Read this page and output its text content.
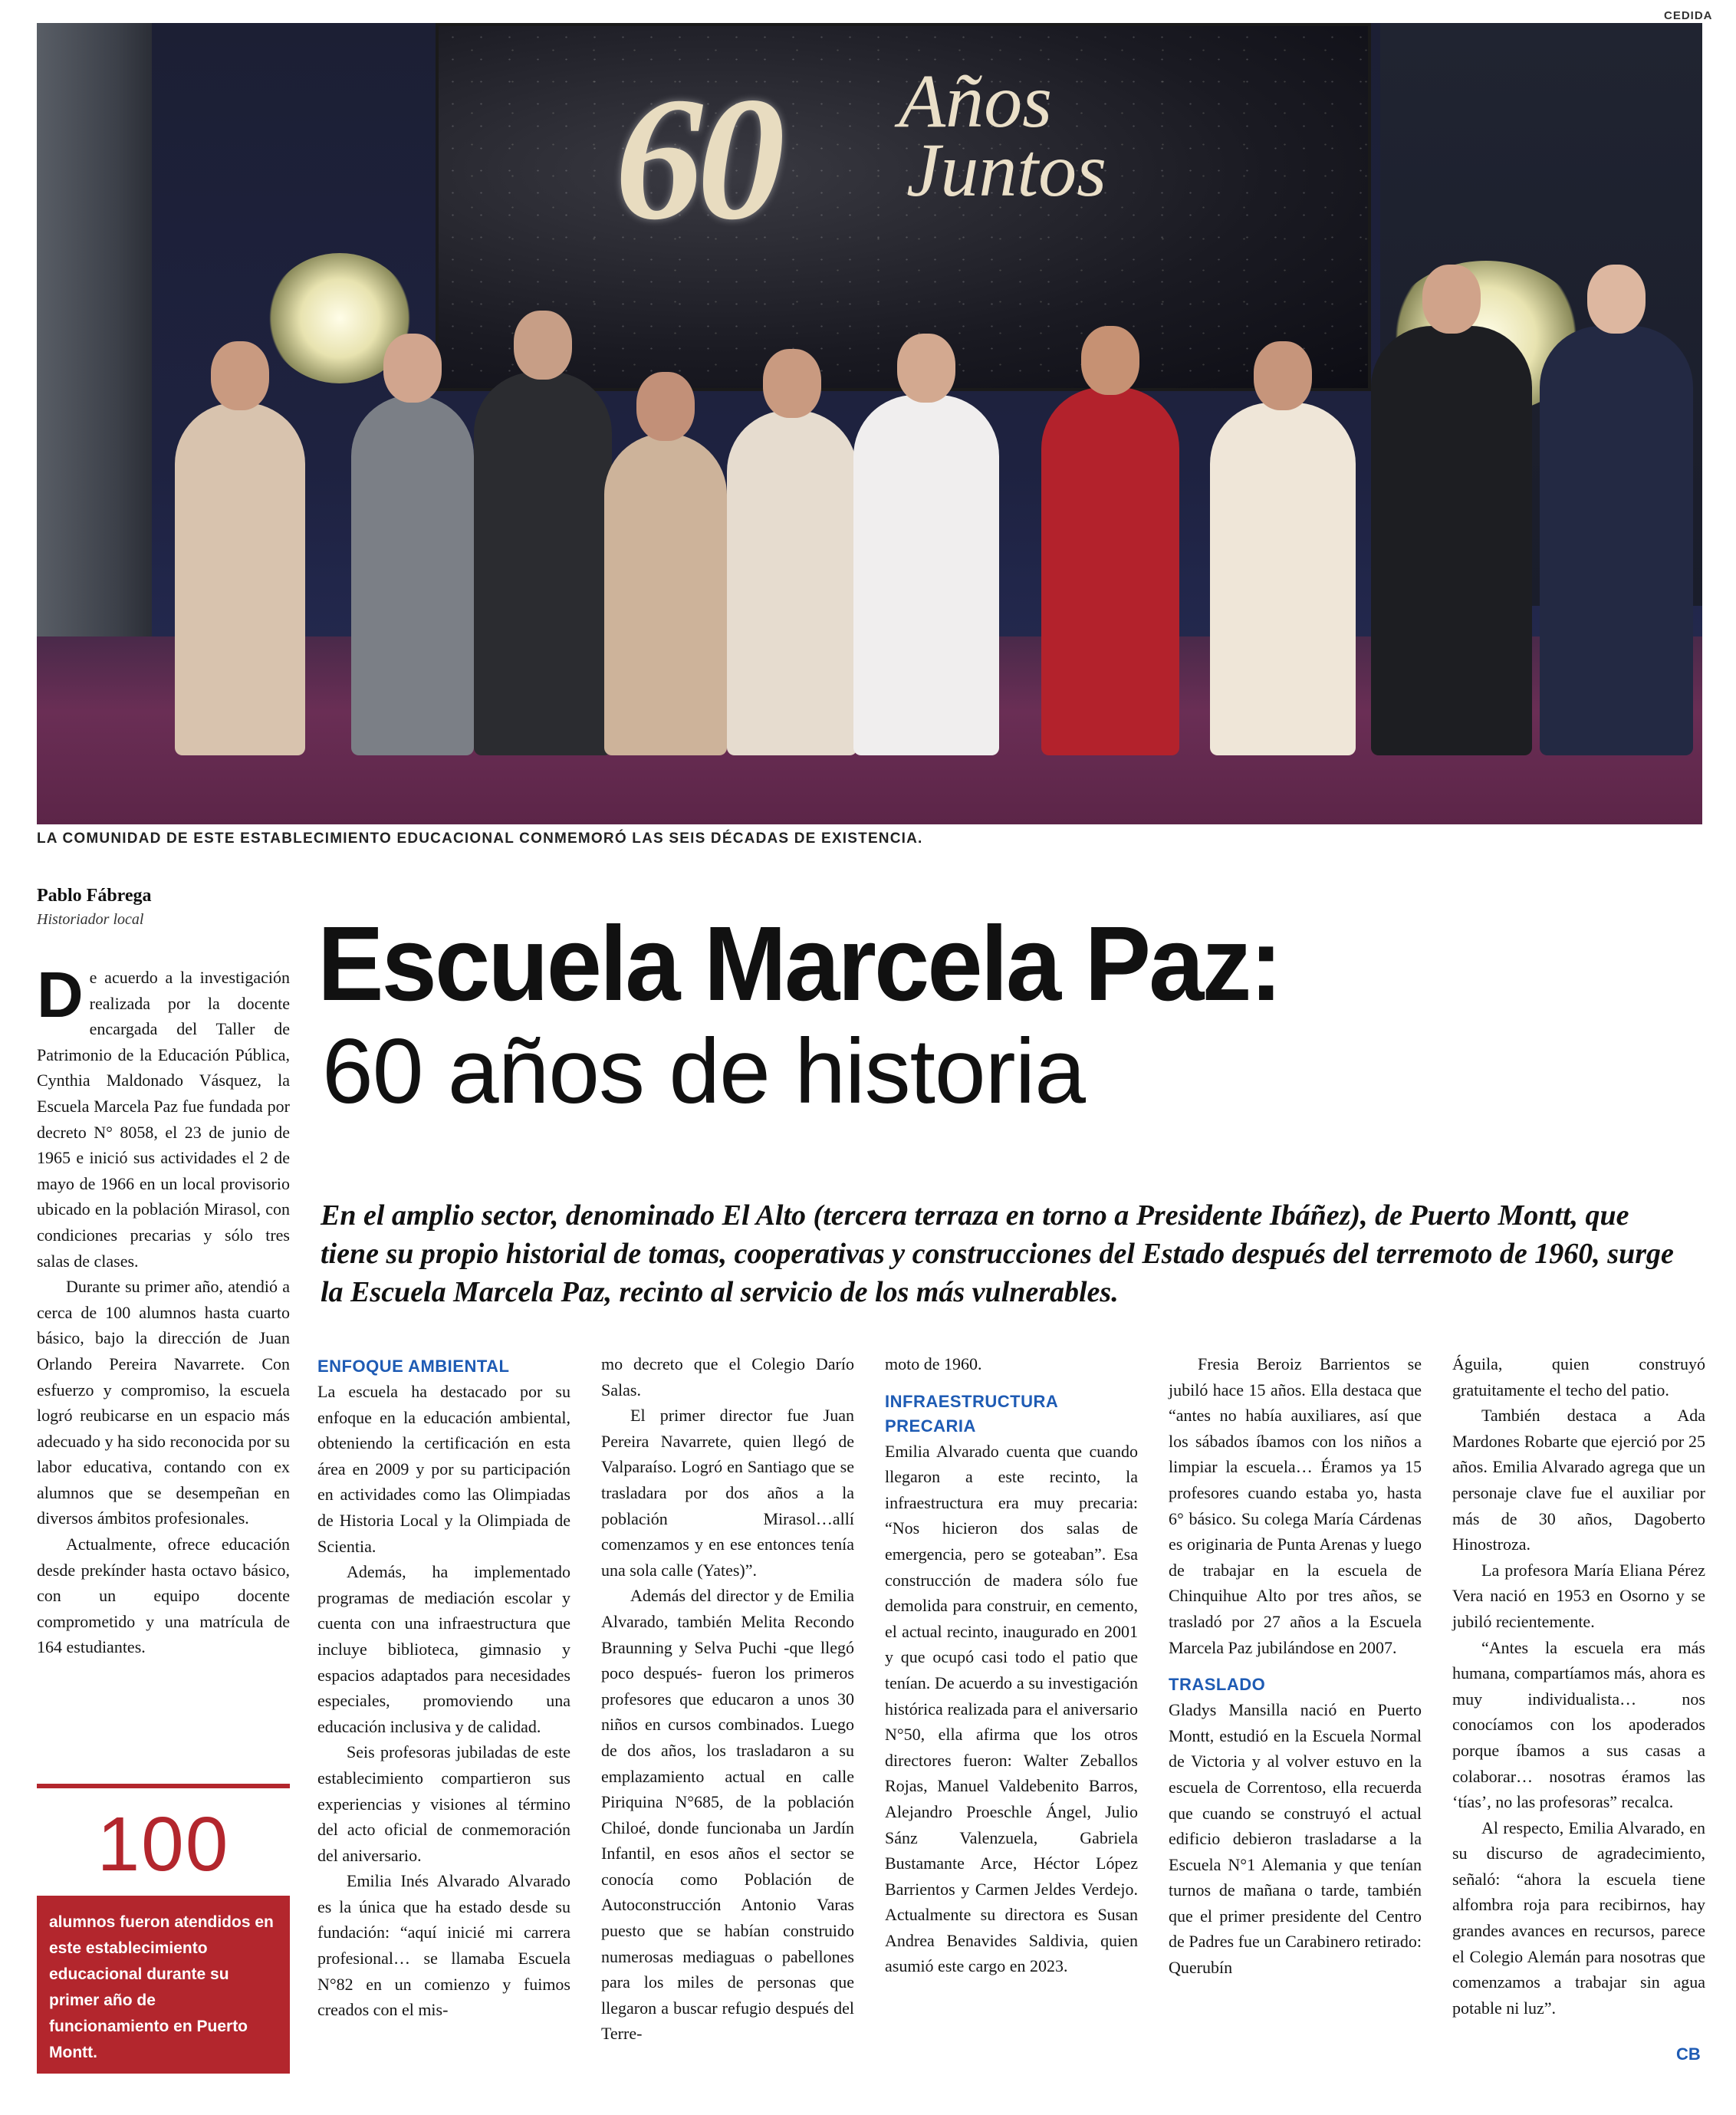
CEDIDA
60 Años
Juntos
LA COMUNIDAD DE ESTE ESTABLECIMIENTO EDUCACIONAL CONMEMORÓ LAS SEIS DÉCADAS DE EXISTENCIA.
Pablo Fábrega
Historiador local Escuela Marcela Paz:
60 años de historia
En el amplio sector, denominado El Alto (tercera terraza en torno a Presidente Ibáñez), de Puerto Montt, que tiene su propio historial de tomas, cooperativas y construcciones del Estado después del terremoto de 1960, surge la Escuela Marcela Paz, recinto al servicio de los más vulnerables.

De acuerdo a la investigación realizada por la docente encargada del Taller de Patrimonio de la Educación Pública, Cynthia Maldonado Vásquez, la Escuela Marcela Paz fue fundada por decreto N° 8058, el 23 de junio de 1965 e inició sus actividades el 2 de mayo de 1966 en un local provisorio ubicado en la población Mirasol, con condiciones precarias y sólo tres salas de clases.

Durante su primer año, atendió a cerca de 100 alumnos hasta cuarto básico, bajo la dirección de Juan Orlando Pereira Navarrete. Con esfuerzo y compromiso, la escuela logró reubicarse en un espacio más adecuado y ha sido reconocida por su labor educativa, contando con ex alumnos que se desempeñan en diversos ámbitos profesionales.

Actualmente, ofrece educación desde prekínder hasta octavo básico, con un equipo docente comprometido y una matrícula de 164 estudiantes.

100
alumnos fueron atendidos en este establecimiento educacional durante su primer año de funcionamiento en Puerto Montt.
ENFOQUE AMBIENTAL

La escuela ha destacado por su enfoque en la educación ambiental, obteniendo la certificación en esta área en 2009 y por su participación en actividades como las Olimpiadas de Historia Local y la Olimpiada de Scientia.

Además, ha implementado programas de mediación escolar y cuenta con una infraestructura que incluye biblioteca, gimnasio y espacios adaptados para necesidades especiales, promoviendo una educación inclusiva y de calidad.

Seis profesoras jubiladas de este establecimiento compartieron sus experiencias y visiones al término del acto oficial de conmemoración del aniversario.

Emilia Inés Alvarado Alvarado es la única que ha estado desde su fundación: “aquí inicié mi carrera profesional… se llamaba Escuela N°82 en un comienzo y fuimos creados con el mis-

mo decreto que el Colegio Darío Salas.

El primer director fue Juan Pereira Navarrete, quien llegó de Valparaíso. Logró en Santiago que se trasladara por dos años a la población Mirasol…allí comenzamos y en ese entonces tenía una sola calle (Yates)”.

Además del director y de Emilia Alvarado, también Melita Recondo Braunning y Selva Puchi -que llegó poco después- fueron los primeros profesores que educaron a unos 30 niños en cursos combinados. Luego de dos años, los trasladaron a su emplazamiento actual en calle Piriquina N°685, de la población Chiloé, donde funcionaba un Jardín Infantil, en esos años el sector se conocía como Población de Autoconstrucción Antonio Varas puesto que se habían construido numerosas mediaguas o pabellones para los miles de personas que llegaron a buscar refugio después del Terre-

moto de 1960.

INFRAESTRUCTURA PRECARIA

Emilia Alvarado cuenta que cuando llegaron a este recinto, la infraestructura era muy precaria: “Nos hicieron dos salas de emergencia, pero se goteaban”. Esa construcción de madera sólo fue demolida para construir, en cemento, el actual recinto, inaugurado en 2001 y que ocupó casi todo el patio que tenían. De acuerdo a su investigación histórica realizada para el aniversario N°50, ella afirma que los otros directores fueron: Walter Zeballos Rojas, Manuel Valdebenito Barros, Alejandro Proeschle Ángel, Julio Sánz Valenzuela, Gabriela Bustamante Arce, Héctor López Barrientos y Carmen Jeldes Verdejo. Actualmente su directora es Susan Andrea Benavides Saldivia, quien asumió este cargo en 2023.

Fresia Beroiz Barrientos se jubiló hace 15 años. Ella destaca que “antes no había auxiliares, así que los sábados íbamos con los niños a limpiar la escuela… Éramos ya 15 profesores cuando estaba yo, hasta 6° básico. Su colega María Cárdenas es originaria de Punta Arenas y luego de trabajar en la escuela de Chinquihue Alto por tres años, se trasladó por 27 años a la Escuela Marcela Paz jubilándose en 2007.

TRASLADO

Gladys Mansilla nació en Puerto Montt, estudió en la Escuela Normal de Victoria y al volver estuvo en la escuela de Correntoso, ella recuerda que cuando se construyó el actual edificio debieron trasladarse a la Escuela N°1 Alemania y que tenían turnos de mañana o tarde, también que el primer presidente del Centro de Padres fue un Carabinero retirado: Querubín

Águila, quien construyó gratuitamente el techo del patio.

También destaca a Ada Mardones Robarte que ejerció por 25 años. Emilia Alvarado agrega que un personaje clave fue el auxiliar por más de 30 años, Dagoberto Hinostroza.

La profesora María Eliana Pérez Vera nació en 1953 en Osorno y se jubiló recientemente.

“Antes la escuela era más humana, compartíamos más, ahora es muy individualista… nos conocíamos con los apoderados porque íbamos a sus casas a colaborar… nosotras éramos las ‘tías’, no las profesoras” recalca.

Al respecto, Emilia Alvarado, en su discurso de agradecimiento, señaló: “ahora la escuela tiene alfombra roja para recibirnos, hay grandes avances en recursos, parece el Colegio Alemán para nosotras que comenzamos a trabajar sin agua potable ni luz”.

CB
